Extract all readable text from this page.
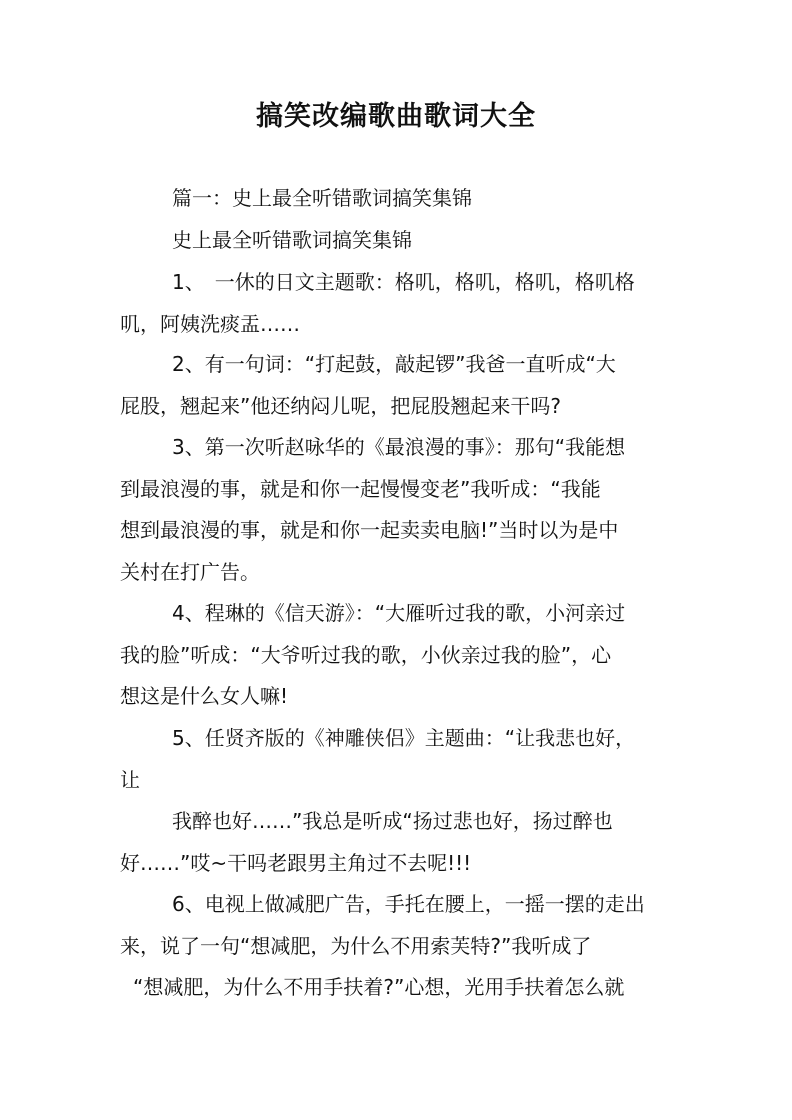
搞笑改编歌曲歌词大全
篇一：史上最全听错歌词搞笑集锦
史上最全听错歌词搞笑集锦
1、　一休的日文主题歌：格叽，格叽，格叽，格叽格
叽，阿姨洗痰盂……
2、有一句词：“打起鼓，敲起锣”我爸一直听成“大
屁股，翘起来”他还纳闷儿呢，把屁股翘起来干吗?
3、第一次听赵咏华的《最浪漫的事》：那句“我能想
到最浪漫的事，就是和你一起慢慢变老”我听成：“我能
想到最浪漫的事，就是和你一起卖卖电脑!”当时以为是中
关村在打广告。
4、程琳的《信天游》：“大雁听过我的歌，小河亲过
我的脸”听成：“大爷听过我的歌，小伙亲过我的脸”，心
想这是什么女人嘛!
5、任贤齐版的《神雕侠侣》主题曲：“让我悲也好，
让
我醉也好……”我总是听成“扬过悲也好，扬过醉也
好……”哎~干吗老跟男主角过不去呢!!!
6、电视上做减肥广告，手托在腰上，一摇一摆的走出
来，说了一句“想减肥，为什么不用索芙特?”我听成了
“想减肥，为什么不用手扶着?”心想，光用手扶着怎么就
